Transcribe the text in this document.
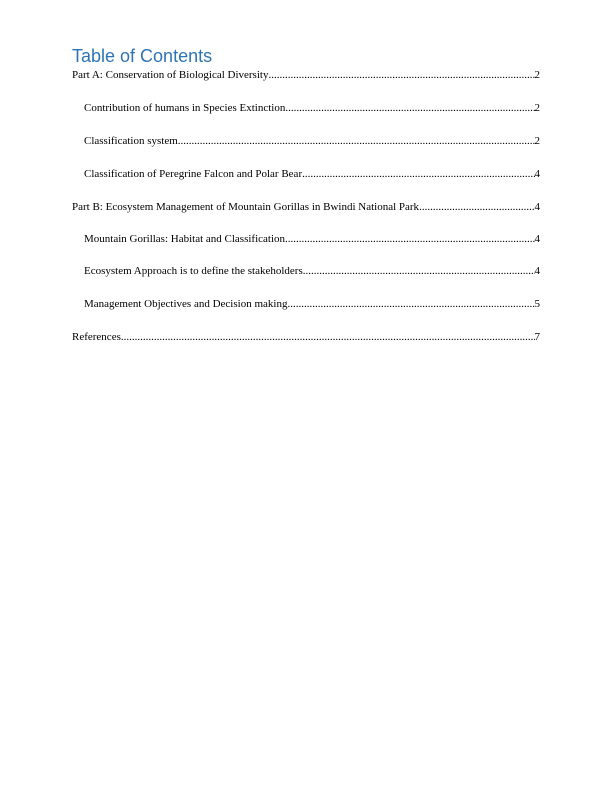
Table of Contents
Part A: Conservation of Biological Diversity .....	2
Contribution of humans in Species Extinction .....	2
Classification system .....	2
Classification of Peregrine Falcon and Polar Bear .....	4
Part B: Ecosystem Management of Mountain Gorillas in Bwindi National Park .....	4
Mountain Gorillas: Habitat and Classification .....	4
Ecosystem Approach is to define the stakeholders .....	4
Management Objectives and Decision making .....	5
References .....	7
